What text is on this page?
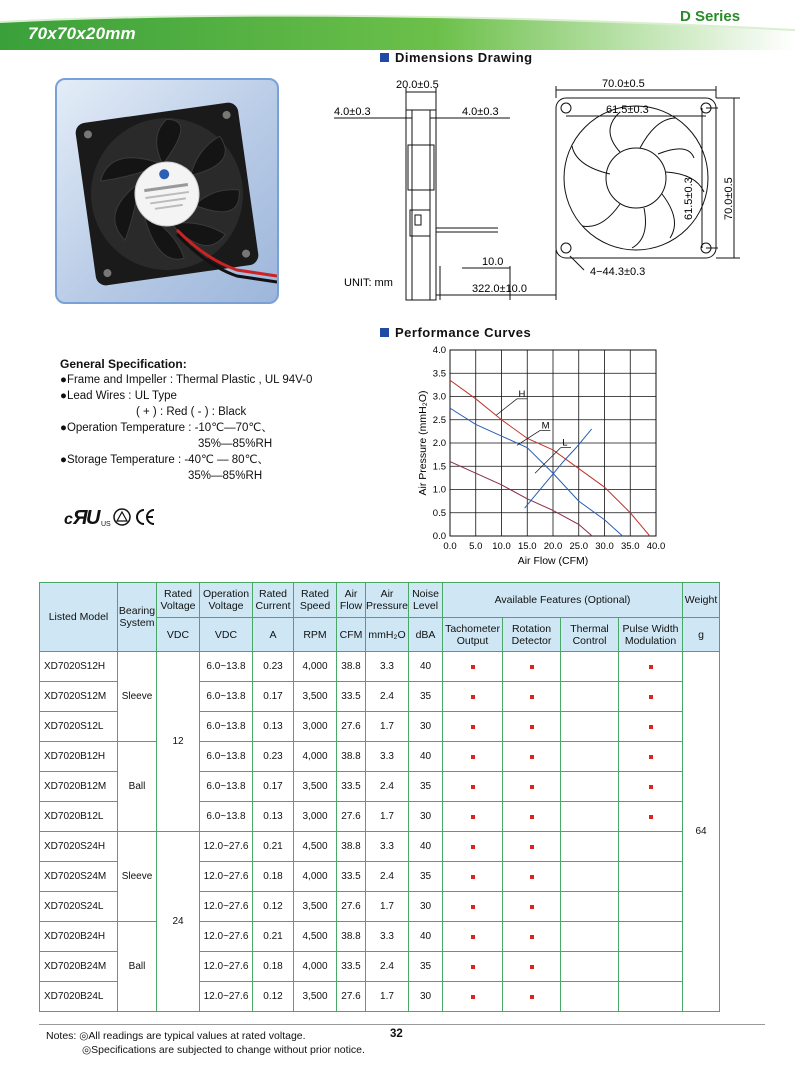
70x70x20mm
D Series
Dimensions Drawing
20.0±0.5
4.0±0.3	4.0±0.3
70.0±0.5
61.5±0.3
70.0±0.5
61.5±0.3
10.0
322.0±10.0
4−44.3±0.3
UNIT: mm
Performance Curves
0.0 5.0 10.0 15.0 20.0 25.0 30.0 35.0 40.0
0.0
0.5
1.0
1.5
2.0
2.5
3.0
3.5
4.0
Air Flow (CFM)
Air Pressure (mmH₂O)	H
M
L
General Specification:
●Frame and Impeller : Thermal Plastic , UL 94V-0
●Lead Wires : UL Type
( + ) : Red ( - ) : Black
●Operation Temperature : -10℃—70℃、
35%—85%RH
●Storage Temperature : -40℃ — 80℃、
35%—85%RH
c Я
U US
Listed Model	Bearing System	Rated Voltage	Operation Voltage	Rated Current	Rated Speed	Air Flow	Air Pressure	Noise Level	Available Features (Optional)				Weight
		VDC	VDC	A	RPM	CFM	mmH₂O	dBA	Tachometer Output	Rotation Detector	Thermal Control	Pulse Width Modulation	g
XD7020S12H	Sleeve	12	6.0~13.8	0.23	4,000	38.8	3.3	40					64
XD7020S12M			6.0~13.8	0.17	3,500	33.5	2.4	35					
XD7020S12L			6.0~13.8	0.13	3,000	27.6	1.7	30					
XD7020B12H	Ball		6.0~13.8	0.23	4,000	38.8	3.3	40					
XD7020B12M			6.0~13.8	0.17	3,500	33.5	2.4	35					
XD7020B12L			6.0~13.8	0.13	3,000	27.6	1.7	30					
XD7020S24H	Sleeve	24	12.0~27.6	0.21	4,500	38.8	3.3	40					
XD7020S24M			12.0~27.6	0.18	4,000	33.5	2.4	35					
XD7020S24L			12.0~27.6	0.12	3,500	27.6	1.7	30					
XD7020B24H	Ball		12.0~27.6	0.21	4,500	38.8	3.3	40					
XD7020B24M			12.0~27.6	0.18	4,000	33.5	2.4	35					
XD7020B24L			12.0~27.6	0.12	3,500	27.6	1.7	30					
Notes: ◎All readings are typical values at rated voltage.
◎Specifications are subjected to change without prior notice.
32
